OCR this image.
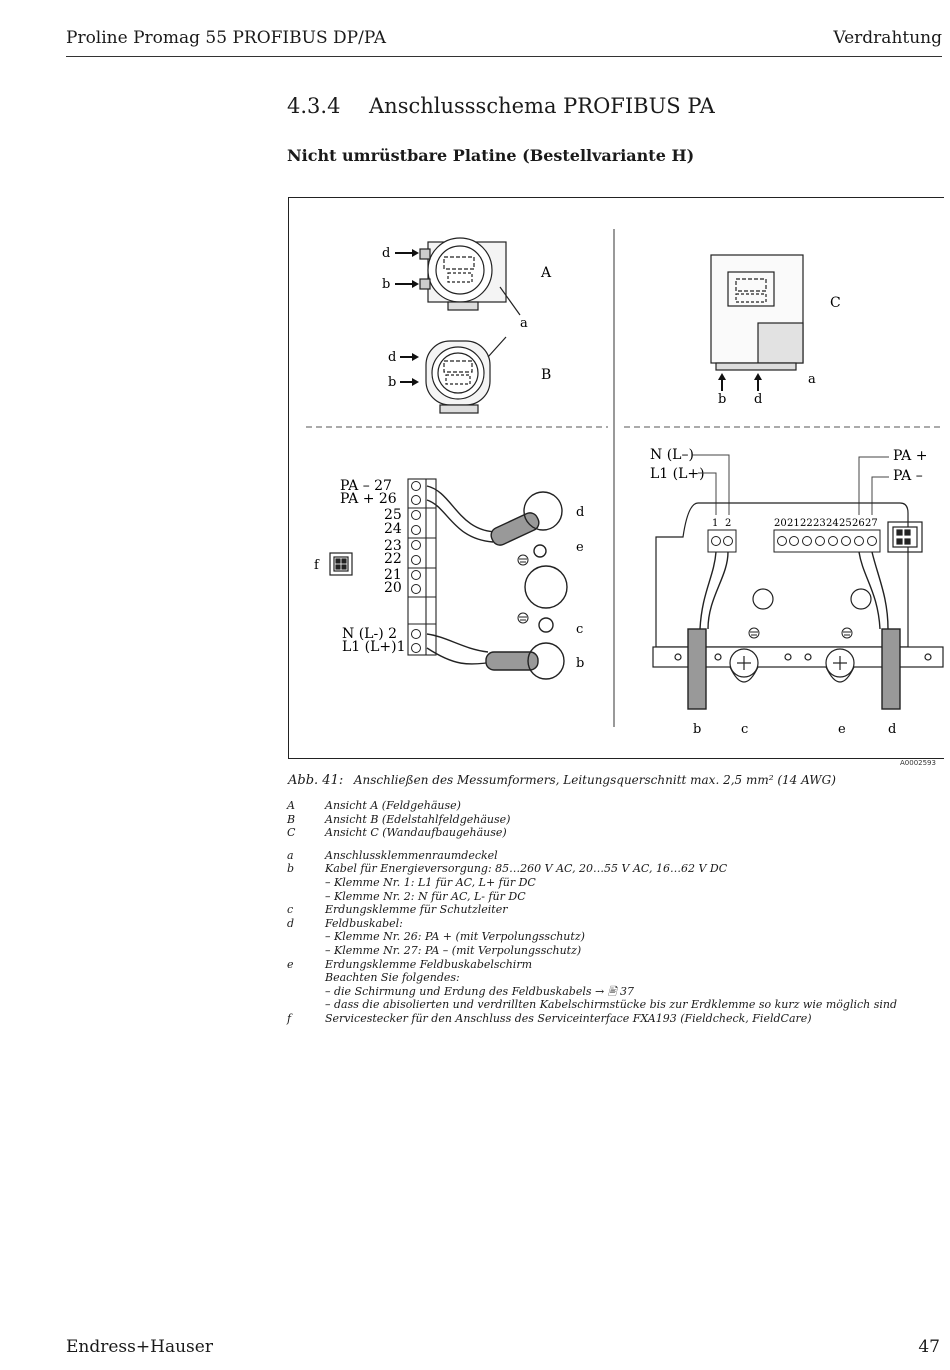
Proline Promag 55 PROFIBUS DP/PA	Verdrahtung
4.3.4 Anschlussschema PROFIBUS PA
Nicht umrüstbare Platine (Bestellvariante H)
d
b
A
a
d
b	B
b d
a
C
PA – 27
PA + 26
25
24
23
22
21
20
N (L-) 2
L1 (L+)1
f
d
e
c
b
N (L–)
L1 (L+)
PA +
PA –
1 2	20 21 22 23 24 25 26 27
b	c	e	d
A0002593
Abb. 41: Anschließen des Messumformers, Leitungsquerschnitt max. 2,5 mm² (14 AWG)
A	Ansicht A (Feldgehäuse)
B	Ansicht B (Edelstahlfeldgehäuse)
C	Ansicht C (Wandaufbaugehäuse)
a	Anschlussklemmenraumdeckel
b	Kabel für Energieversorgung: 85…260 V AC, 20…55 V AC, 16…62 V DC
– Klemme Nr. 1: L1 für AC, L+ für DC
– Klemme Nr. 2: N für AC, L- für DC
c	Erdungsklemme für Schutzleiter
d	Feldbuskabel:
– Klemme Nr. 26: PA + (mit Verpolungsschutz)
– Klemme Nr. 27: PA – (mit Verpolungsschutz)
e	Erdungsklemme Feldbuskabelschirm
Beachten Sie folgendes:
– die Schirmung und Erdung des Feldbuskabels → 🖹 37
– dass die abisolierten und verdrillten Kabelschirmstücke bis zur Erdklemme so kurz wie möglich sind
f	Servicestecker für den Anschluss des Serviceinterface FXA193 (Fieldcheck, FieldCare)
Endress+Hauser	47
